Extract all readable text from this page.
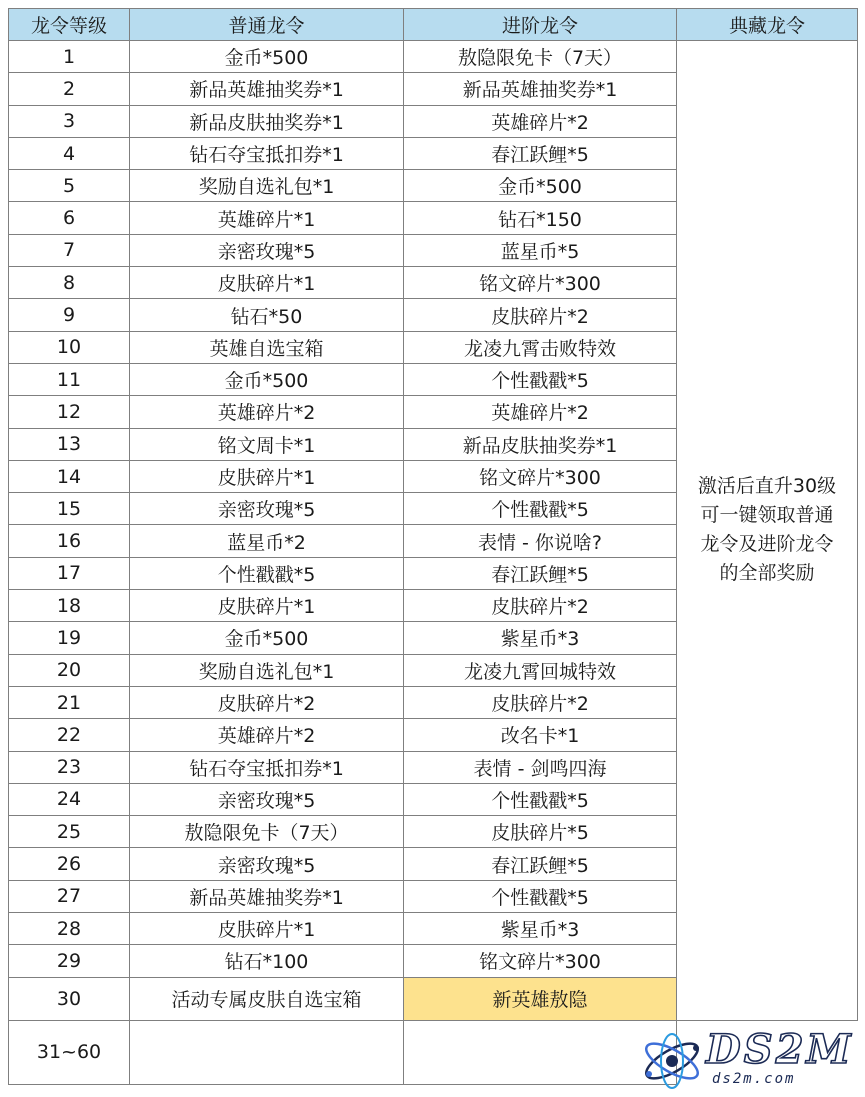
龙令等级	普通龙令	进阶龙令	典藏龙令
1	金币*500	敖隐限免卡（7天）	激活后直升30级
可一键领取普通
龙令及进阶龙令
的全部奖励

2	新品英雄抽奖券*1	新品英雄抽奖券*1	
3	新品皮肤抽奖券*1	英雄碎片*2	
4	钻石夺宝抵扣券*1	春江跃鲤*5	
5	奖励自选礼包*1	金币*500	
6	英雄碎片*1	钻石*150	
7	亲密玫瑰*5	蓝星币*5	
8	皮肤碎片*1	铭文碎片*300	
9	钻石*50	皮肤碎片*2	
10	英雄自选宝箱	龙凌九霄击败特效	
11	金币*500	个性戳戳*5	
12	英雄碎片*2	英雄碎片*2	
13	铭文周卡*1	新品皮肤抽奖券*1	
14	皮肤碎片*1	铭文碎片*300	
15	亲密玫瑰*5	个性戳戳*5	
16	蓝星币*2	表情 - 你说啥?	
17	个性戳戳*5	春江跃鲤*5	
18	皮肤碎片*1	皮肤碎片*2	
19	金币*500	紫星币*3	
20	奖励自选礼包*1	龙凌九霄回城特效	
21	皮肤碎片*2	皮肤碎片*2	
22	英雄碎片*2	改名卡*1	
23	钻石夺宝抵扣券*1	表情 - 剑鸣四海	
24	亲密玫瑰*5	个性戳戳*5	
25	敖隐限免卡（7天）	皮肤碎片*5	
26	亲密玫瑰*5	春江跃鲤*5	
27	新品英雄抽奖券*1	个性戳戳*5	
28	皮肤碎片*1	紫星币*3	
29	钻石*100	铭文碎片*300	
30	活动专属皮肤自选宝箱	新英雄敖隐	
31~60				DS2M
ds2m.com
